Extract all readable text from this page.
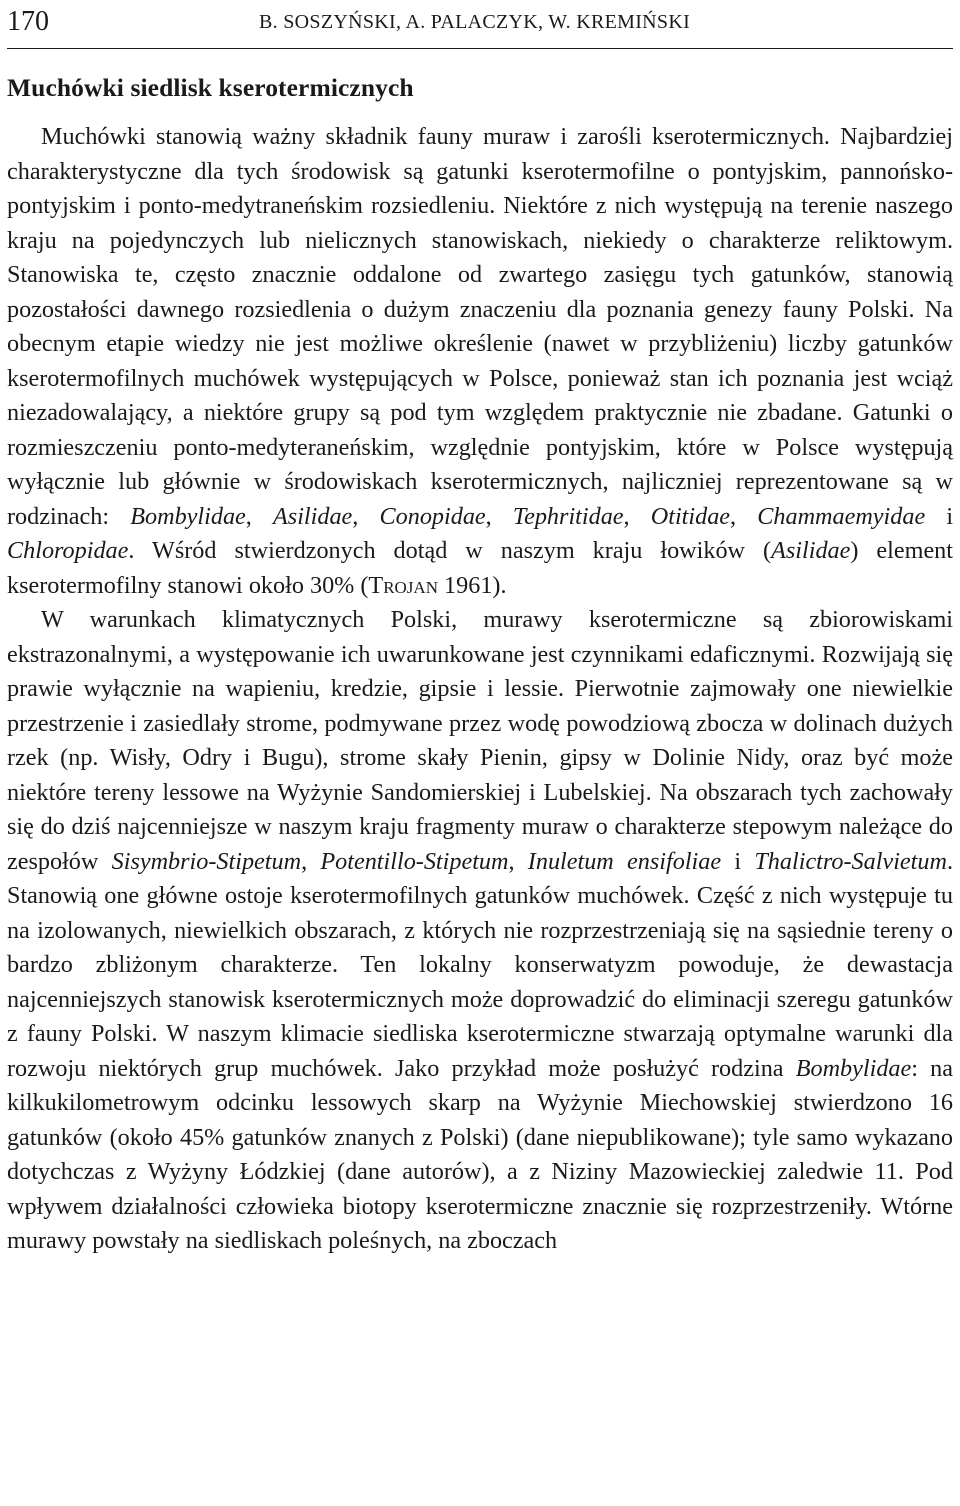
170	B. SOSZYŃSKI, A. PALACZYK, W. KREMIŃSKI
Muchówki siedlisk kserotermicznych

Muchówki stanowią ważny składnik fauny muraw i zarośli kserotermicznych. Najbardziej charakterystyczne dla tych środowisk są gatunki kserotermofilne o pontyjskim, pannońsko-pontyjskim i ponto-medytraneńskim rozsiedleniu. Niektóre z nich występują na terenie naszego kraju na pojedynczych lub nielicznych stanowiskach, niekiedy o charakterze reliktowym. Stanowiska te, często znacznie oddalone od zwartego zasięgu tych gatunków, stanowią pozostałości dawnego rozsiedlenia o dużym znaczeniu dla poznania genezy fauny Polski. Na obecnym etapie wiedzy nie jest możliwe określenie (nawet w przybliżeniu) liczby gatunków kserotermofilnych muchówek występujących w Polsce, ponieważ stan ich poznania jest wciąż niezadowalający, a niektóre grupy są pod tym względem praktycznie nie zbadane. Gatunki o rozmieszczeniu ponto-medyteraneńskim, względnie pontyjskim, które w Polsce występują wyłącznie lub głównie w środowiskach kserotermicznych, najliczniej reprezentowane są w rodzinach: Bombylidae, Asilidae, Conopidae, Tephritidae, Otitidae, Chammaemyidae i Chloropidae. Wśród stwierdzonych dotąd w naszym kraju łowików (Asilidae) element kserotermofilny stanowi około 30% (Trojan 1961).

W warunkach klimatycznych Polski, murawy kserotermiczne są zbiorowiskami ekstrazonalnymi, a występowanie ich uwarunkowane jest czynnikami edaficznymi. Rozwijają się prawie wyłącznie na wapieniu, kredzie, gipsie i lessie. Pierwotnie zajmowały one niewielkie przestrzenie i zasiedlały strome, podmywane przez wodę powodziową zbocza w dolinach dużych rzek (np. Wisły, Odry i Bugu), strome skały Pienin, gipsy w Dolinie Nidy, oraz być może niektóre tereny lessowe na Wyżynie Sandomierskiej i Lubelskiej. Na obszarach tych zachowały się do dziś najcenniejsze w naszym kraju fragmenty muraw o charakterze stepowym należące do zespołów Sisymbrio-Stipetum, Potentillo-Stipetum, Inuletum ensifoliae i Thalictro-Salvietum. Stanowią one główne ostoje kserotermofilnych gatunków muchówek. Część z nich występuje tu na izolowanych, niewielkich obszarach, z których nie rozprzestrzeniają się na sąsiednie tereny o bardzo zbliżonym charakterze. Ten lokalny konserwatyzm powoduje, że dewastacja najcenniejszych stanowisk kserotermicznych może doprowadzić do eliminacji szeregu gatunków z fauny Polski. W naszym klimacie siedliska kserotermiczne stwarzają optymalne warunki dla rozwoju niektórych grup muchówek. Jako przykład może posłużyć rodzina Bombylidae: na kilkukilometrowym odcinku lessowych skarp na Wyżynie Miechowskiej stwierdzono 16 gatunków (około 45% gatunków znanych z Polski) (dane niepublikowane); tyle samo wykazano dotychczas z Wyżyny Łódzkiej (dane autorów), a z Niziny Mazowieckiej zaledwie 11. Pod wpływem działalności człowieka biotopy kserotermiczne znacznie się rozprzestrzeniły. Wtórne murawy powstały na siedliskach poleśnych, na zboczach
